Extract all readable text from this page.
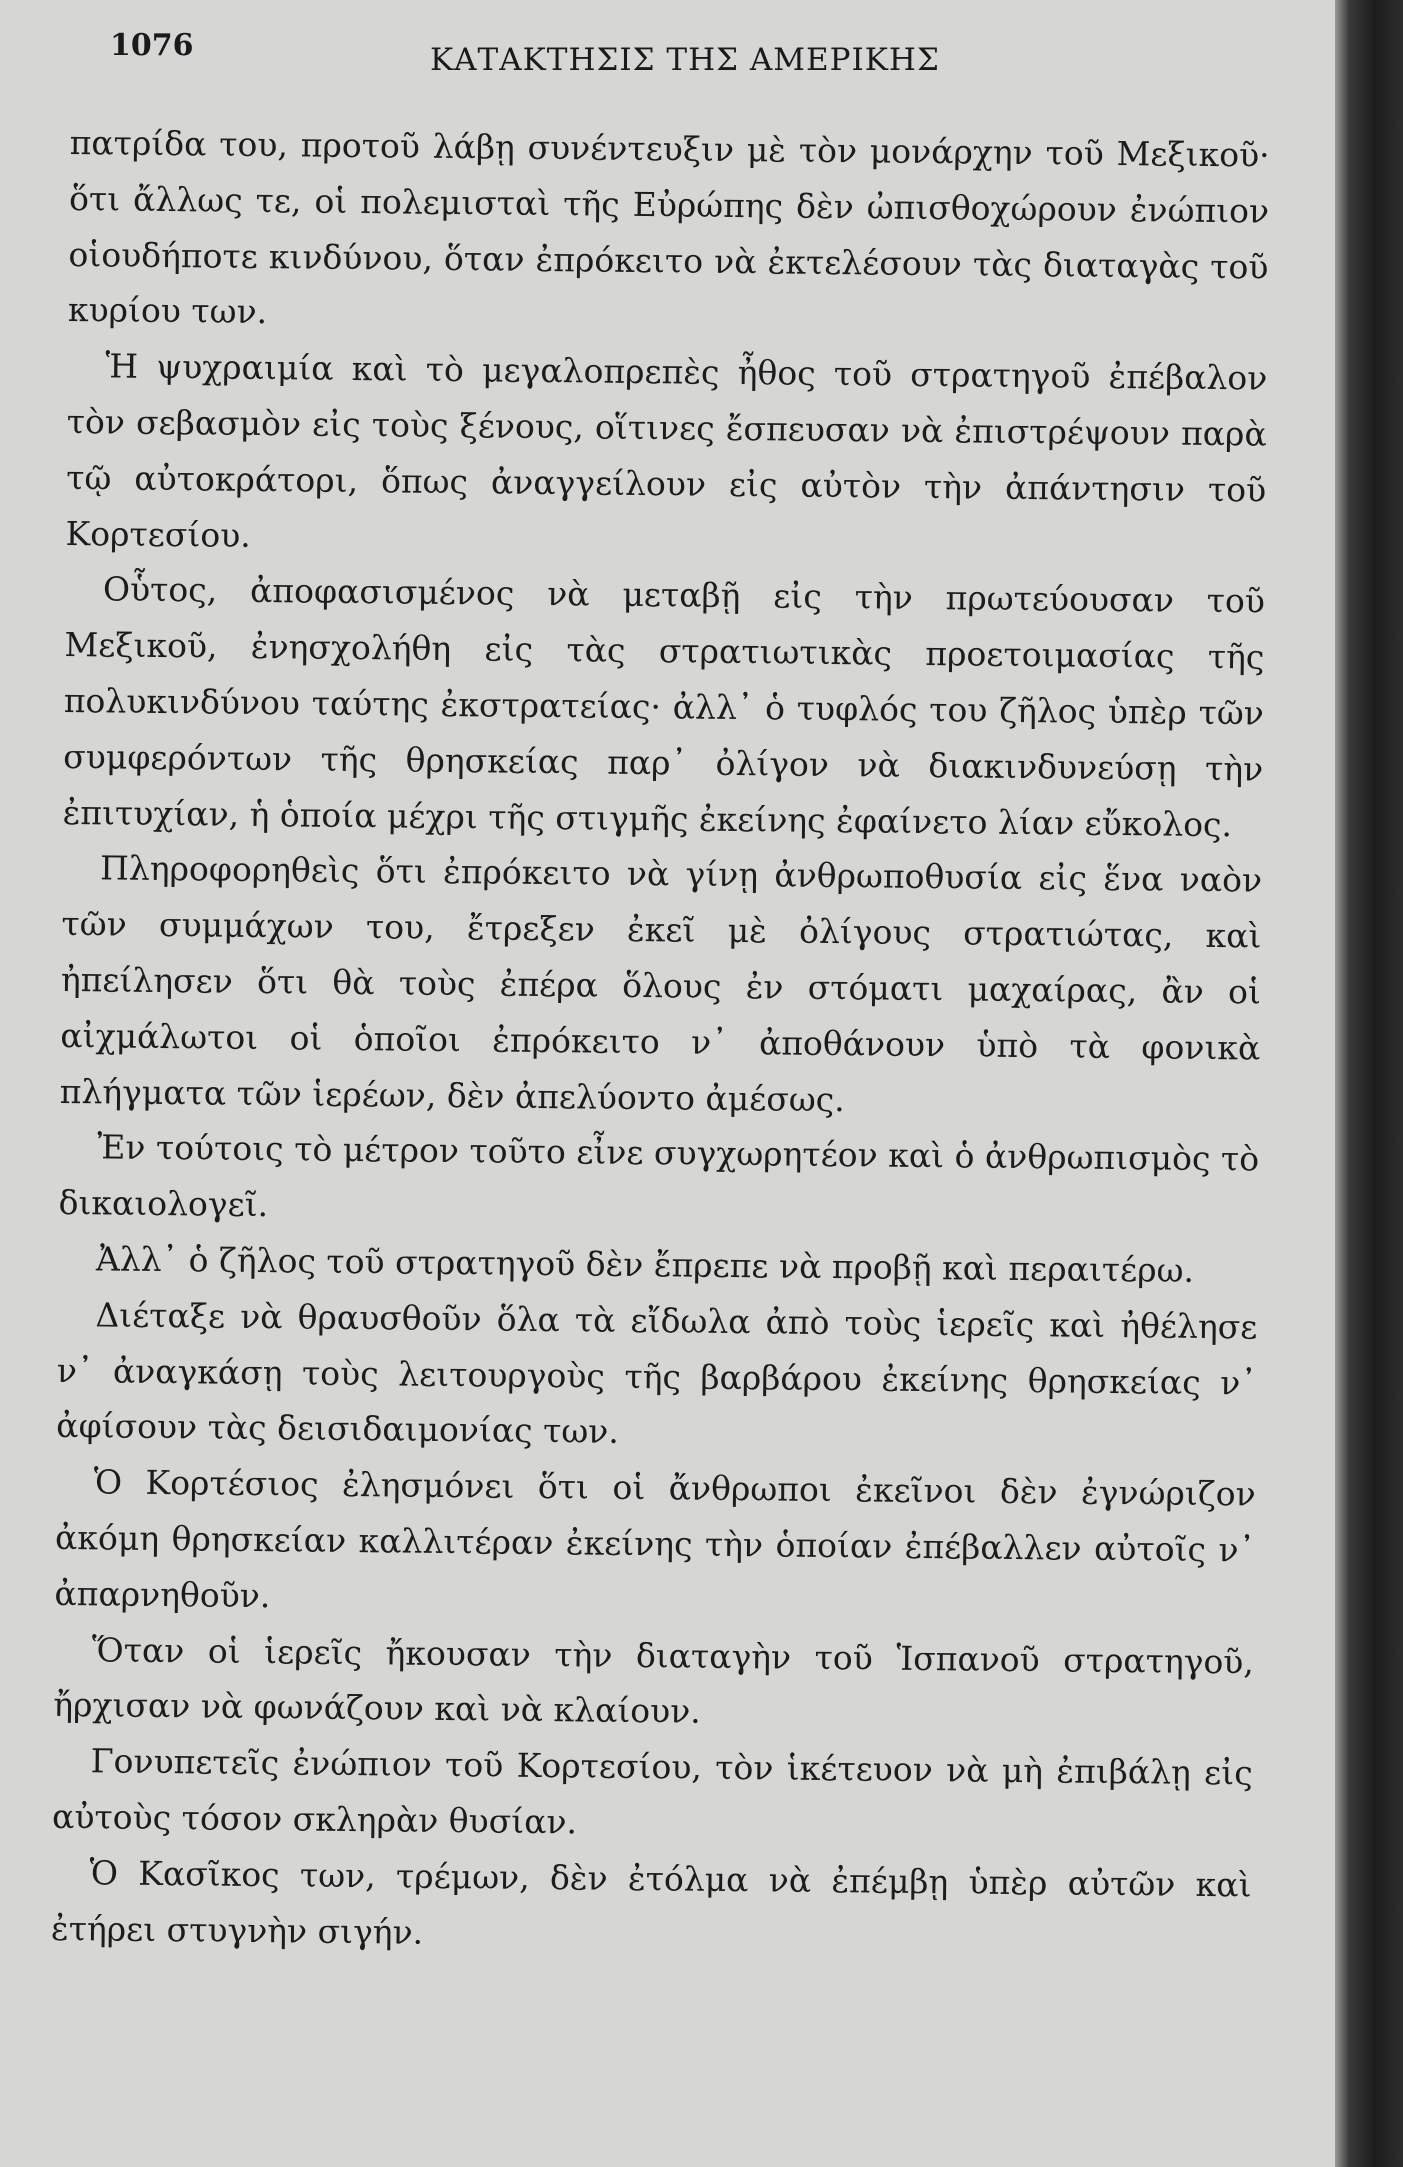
1076	ΚΑΤΑΚΤΗΣΙΣ ΤΗΣ ΑΜΕΡΙΚΗΣ

πατρίδα του, προτοῦ λάβῃ συνέντευξιν μὲ τὸν μονάρχην τοῦ Μεξικοῦ· ὅτι ἄλλως τε, οἱ πολεμισταὶ τῆς Εὐρώπης δὲν ὠπισθοχώρουν ἐνώπιον οἱουδήποτε κινδύνου, ὅταν ἐπρόκειτο νὰ ἐκτελέσουν τὰς διαταγὰς τοῦ κυρίου των.

Ἡ ψυχραιμία καὶ τὸ μεγαλοπρεπὲς ἦθος τοῦ στρατηγοῦ ἐπέβαλον τὸν σεβασμὸν εἰς τοὺς ξένους, οἵτινες ἔσπευσαν νὰ ἐπιστρέψουν παρὰ τῷ αὐτοκράτορι, ὅπως ἀναγγείλουν εἰς αὐτὸν τὴν ἀπάντησιν τοῦ Κορτεσίου.

Οὗτος, ἀποφασισμένος νὰ μεταβῇ εἰς τὴν πρωτεύουσαν τοῦ Μεξικοῦ, ἐνησχολήθη εἰς τὰς στρατιωτικὰς προετοιμασίας τῆς πολυκινδύνου ταύτης ἐκστρατείας· ἀλλ᾽ ὁ τυφλός του ζῆλος ὑπὲρ τῶν συμφερόντων τῆς θρησκείας παρ᾽ ὀλίγον νὰ διακινδυνεύσῃ τὴν ἐπιτυχίαν, ἡ ὁποία μέχρι τῆς στιγμῆς ἐκείνης ἐφαίνετο λίαν εὔκολος.

Πληροφορηθεὶς ὅτι ἐπρόκειτο νὰ γίνῃ ἀνθρωποθυσία εἰς ἕνα ναὸν τῶν συμμάχων του, ἔτρεξεν ἐκεῖ μὲ ὀλίγους στρατιώτας, καὶ ἠπείλησεν ὅτι θὰ τοὺς ἐπέρα ὅλους ἐν στόματι μαχαίρας, ἂν οἱ αἰχμάλωτοι οἱ ὁποῖοι ἐπρόκειτο ν᾽ ἀποθάνουν ὑπὸ τὰ φονικὰ πλήγματα τῶν ἱερέων, δὲν ἀπελύοντο ἀμέσως.

Ἐν τούτοις τὸ μέτρον τοῦτο εἶνε συγχωρητέον καὶ ὁ ἀνθρωπισμὸς τὸ δικαιολογεῖ.

Ἀλλ᾽ ὁ ζῆλος τοῦ στρατηγοῦ δὲν ἔπρεπε νὰ προβῇ καὶ περαιτέρω.

Διέταξε νὰ θραυσθοῦν ὅλα τὰ εἴδωλα ἀπὸ τοὺς ἱερεῖς καὶ ἠθέλησε ν᾽ ἀναγκάσῃ τοὺς λειτουργοὺς τῆς βαρβάρου ἐκείνης θρησκείας ν᾽ ἀφίσουν τὰς δεισιδαιμονίας των.

Ὁ Κορτέσιος ἐλησμόνει ὅτι οἱ ἄνθρωποι ἐκεῖνοι δὲν ἐγνώριζον ἀκόμη θρησκείαν καλλιτέραν ἐκείνης τὴν ὁποίαν ἐπέβαλλεν αὐτοῖς ν᾽ ἀπαρνηθοῦν.

Ὅταν οἱ ἱερεῖς ἤκουσαν τὴν διαταγὴν τοῦ Ἱσπανοῦ στρατηγοῦ, ἤρχισαν νὰ φωνάζουν καὶ νὰ κλαίουν.

Γονυπετεῖς ἐνώπιον τοῦ Κορτεσίου, τὸν ἱκέτευον νὰ μὴ ἐπιβάλῃ εἰς αὐτοὺς τόσον σκληρὰν θυσίαν.

Ὁ Κασῖκος των, τρέμων, δὲν ἐτόλμα νὰ ἐπέμβῃ ὑπὲρ αὐτῶν καὶ ἐτήρει στυγνὴν σιγήν.
